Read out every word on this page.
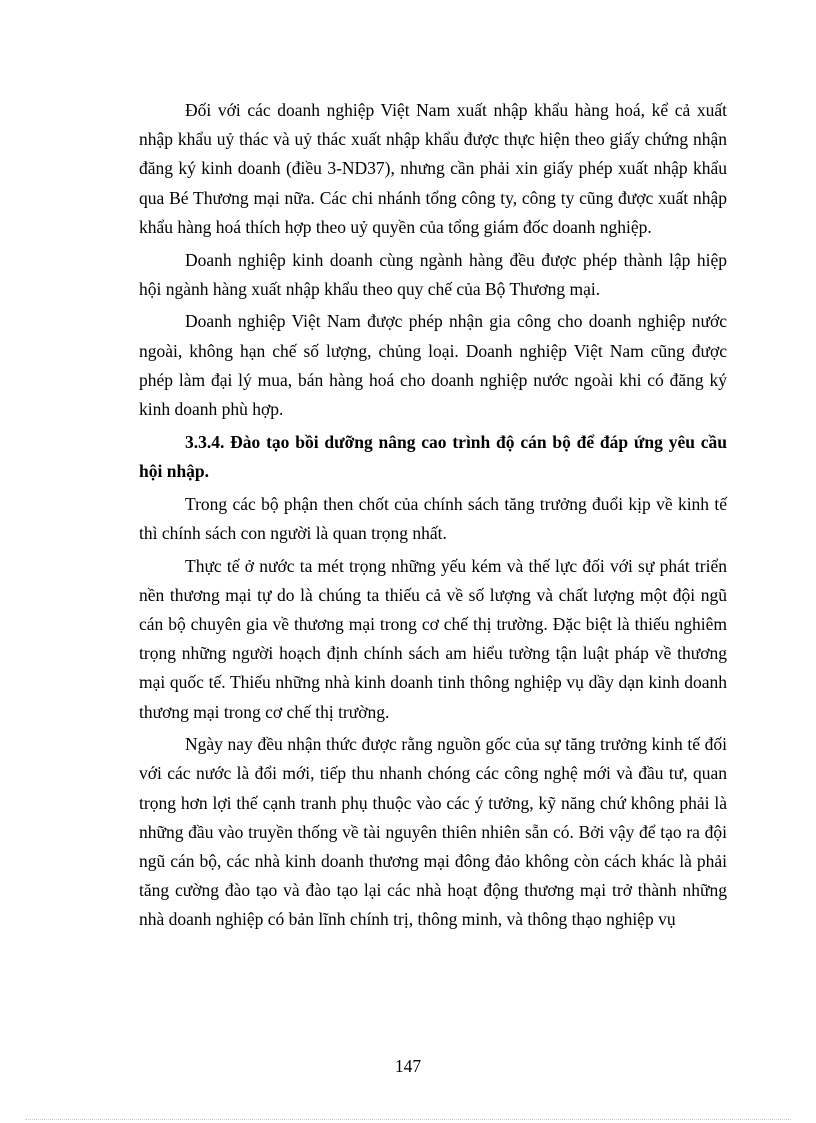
Đối với các doanh nghiệp Việt Nam xuất nhập khẩu hàng hoá, kể cả xuất nhập khẩu uỷ thác và uỷ thác xuất nhập khẩu được thực hiện theo giấy chứng nhận đăng ký kinh doanh (điều 3-ND37), nhưng cần phải xin giấy phép xuất nhập khẩu qua Bé Thương mại nữa. Các chi nhánh tổng công ty, công ty cũng được xuất nhập khẩu hàng hoá thích hợp theo uỷ quyền của tổng giám đốc doanh nghiệp.

Doanh nghiệp kinh doanh cùng ngành hàng đều được phép thành lập hiệp hội ngành hàng xuất nhập khẩu theo quy chế của Bộ Thương mại.

Doanh nghiệp Việt Nam được phép nhận gia công cho doanh nghiệp nước ngoài, không hạn chế số lượng, chủng loại. Doanh nghiệp Việt Nam cũng được phép làm đại lý mua, bán hàng hoá cho doanh nghiệp nước ngoài khi có đăng ký kinh doanh phù hợp.

3.3.4. Đào tạo bồi dưỡng nâng cao trình độ cán bộ để đáp ứng yêu cầu hội nhập.

Trong các bộ phận then chốt của chính sách tăng trưởng đuổi kịp về kinh tế thì chính sách con người là quan trọng nhất.

Thực tế ở nước ta mét trọng những yếu kém và thế lực đối với sự phát triển nền thương mại tự do là chúng ta thiếu cả về số lượng và chất lượng một đội ngũ cán bộ chuyên gia về thương mại trong cơ chế thị trường. Đặc biệt là thiếu nghiêm trọng những người hoạch định chính sách am hiểu tường tận luật pháp về thương mại quốc tế. Thiếu những nhà kinh doanh tinh thông nghiệp vụ dầy dạn kinh doanh thương mại trong cơ chế thị trường.

Ngày nay đều nhận thức được rằng nguồn gốc của sự tăng trưởng kinh tế đối với các nước là đổi mới, tiếp thu nhanh chóng các công nghệ mới và đầu tư, quan trọng hơn lợi thế cạnh tranh phụ thuộc vào các ý tưởng, kỹ năng chứ không phải là những đầu vào truyền thống về tài nguyên thiên nhiên sẵn có. Bởi vậy để tạo ra đội ngũ cán bộ, các nhà kinh doanh thương mại đông đảo không còn cách khác là phải tăng cường đào tạo và đào tạo lại các nhà hoạt động thương mại trở thành những nhà doanh nghiệp có bản lĩnh chính trị, thông minh, và thông thạo nghiệp vụ

147
